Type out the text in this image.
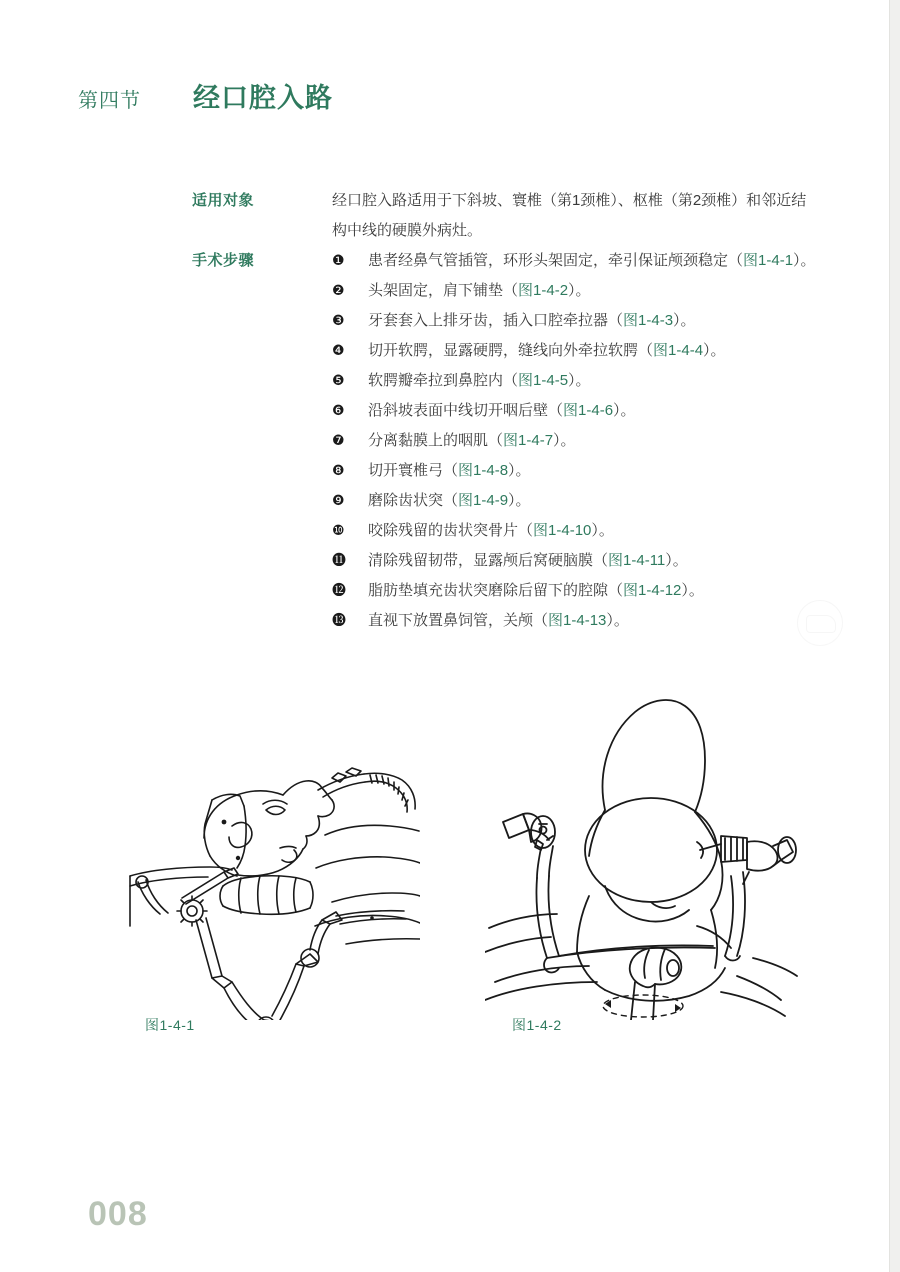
第四节 经口腔入路
适用对象	经口腔入路适用于下斜坡、寰椎（第1颈椎）、枢椎（第2颈椎）和邻近结构中线的硬膜外病灶。

手术步骤	❶	患者经鼻气管插管，环形头架固定，牵引保证颅颈稳定（图1-4-1）。
❷	头架固定，肩下铺垫（图1-4-2）。
❸	牙套套入上排牙齿，插入口腔牵拉器（图1-4-3）。
❹	切开软腭，显露硬腭，缝线向外牵拉软腭（图1-4-4）。
❺	软腭瓣牵拉到鼻腔内（图1-4-5）。
❻	沿斜坡表面中线切开咽后壁（图1-4-6）。
❼	分离黏膜上的咽肌（图1-4-7）。
❽	切开寰椎弓（图1-4-8）。
❾	磨除齿状突（图1-4-9）。
❿	咬除残留的齿状突骨片（图1-4-10）。
⓫	清除残留韧带，显露颅后窝硬脑膜（图1-4-11）。
⓬	脂肪垫填充齿状突磨除后留下的腔隙（图1-4-12）。
⓭	直视下放置鼻饲管，关颅（图1-4-13）。
图1-4-1	图1-4-2
008
